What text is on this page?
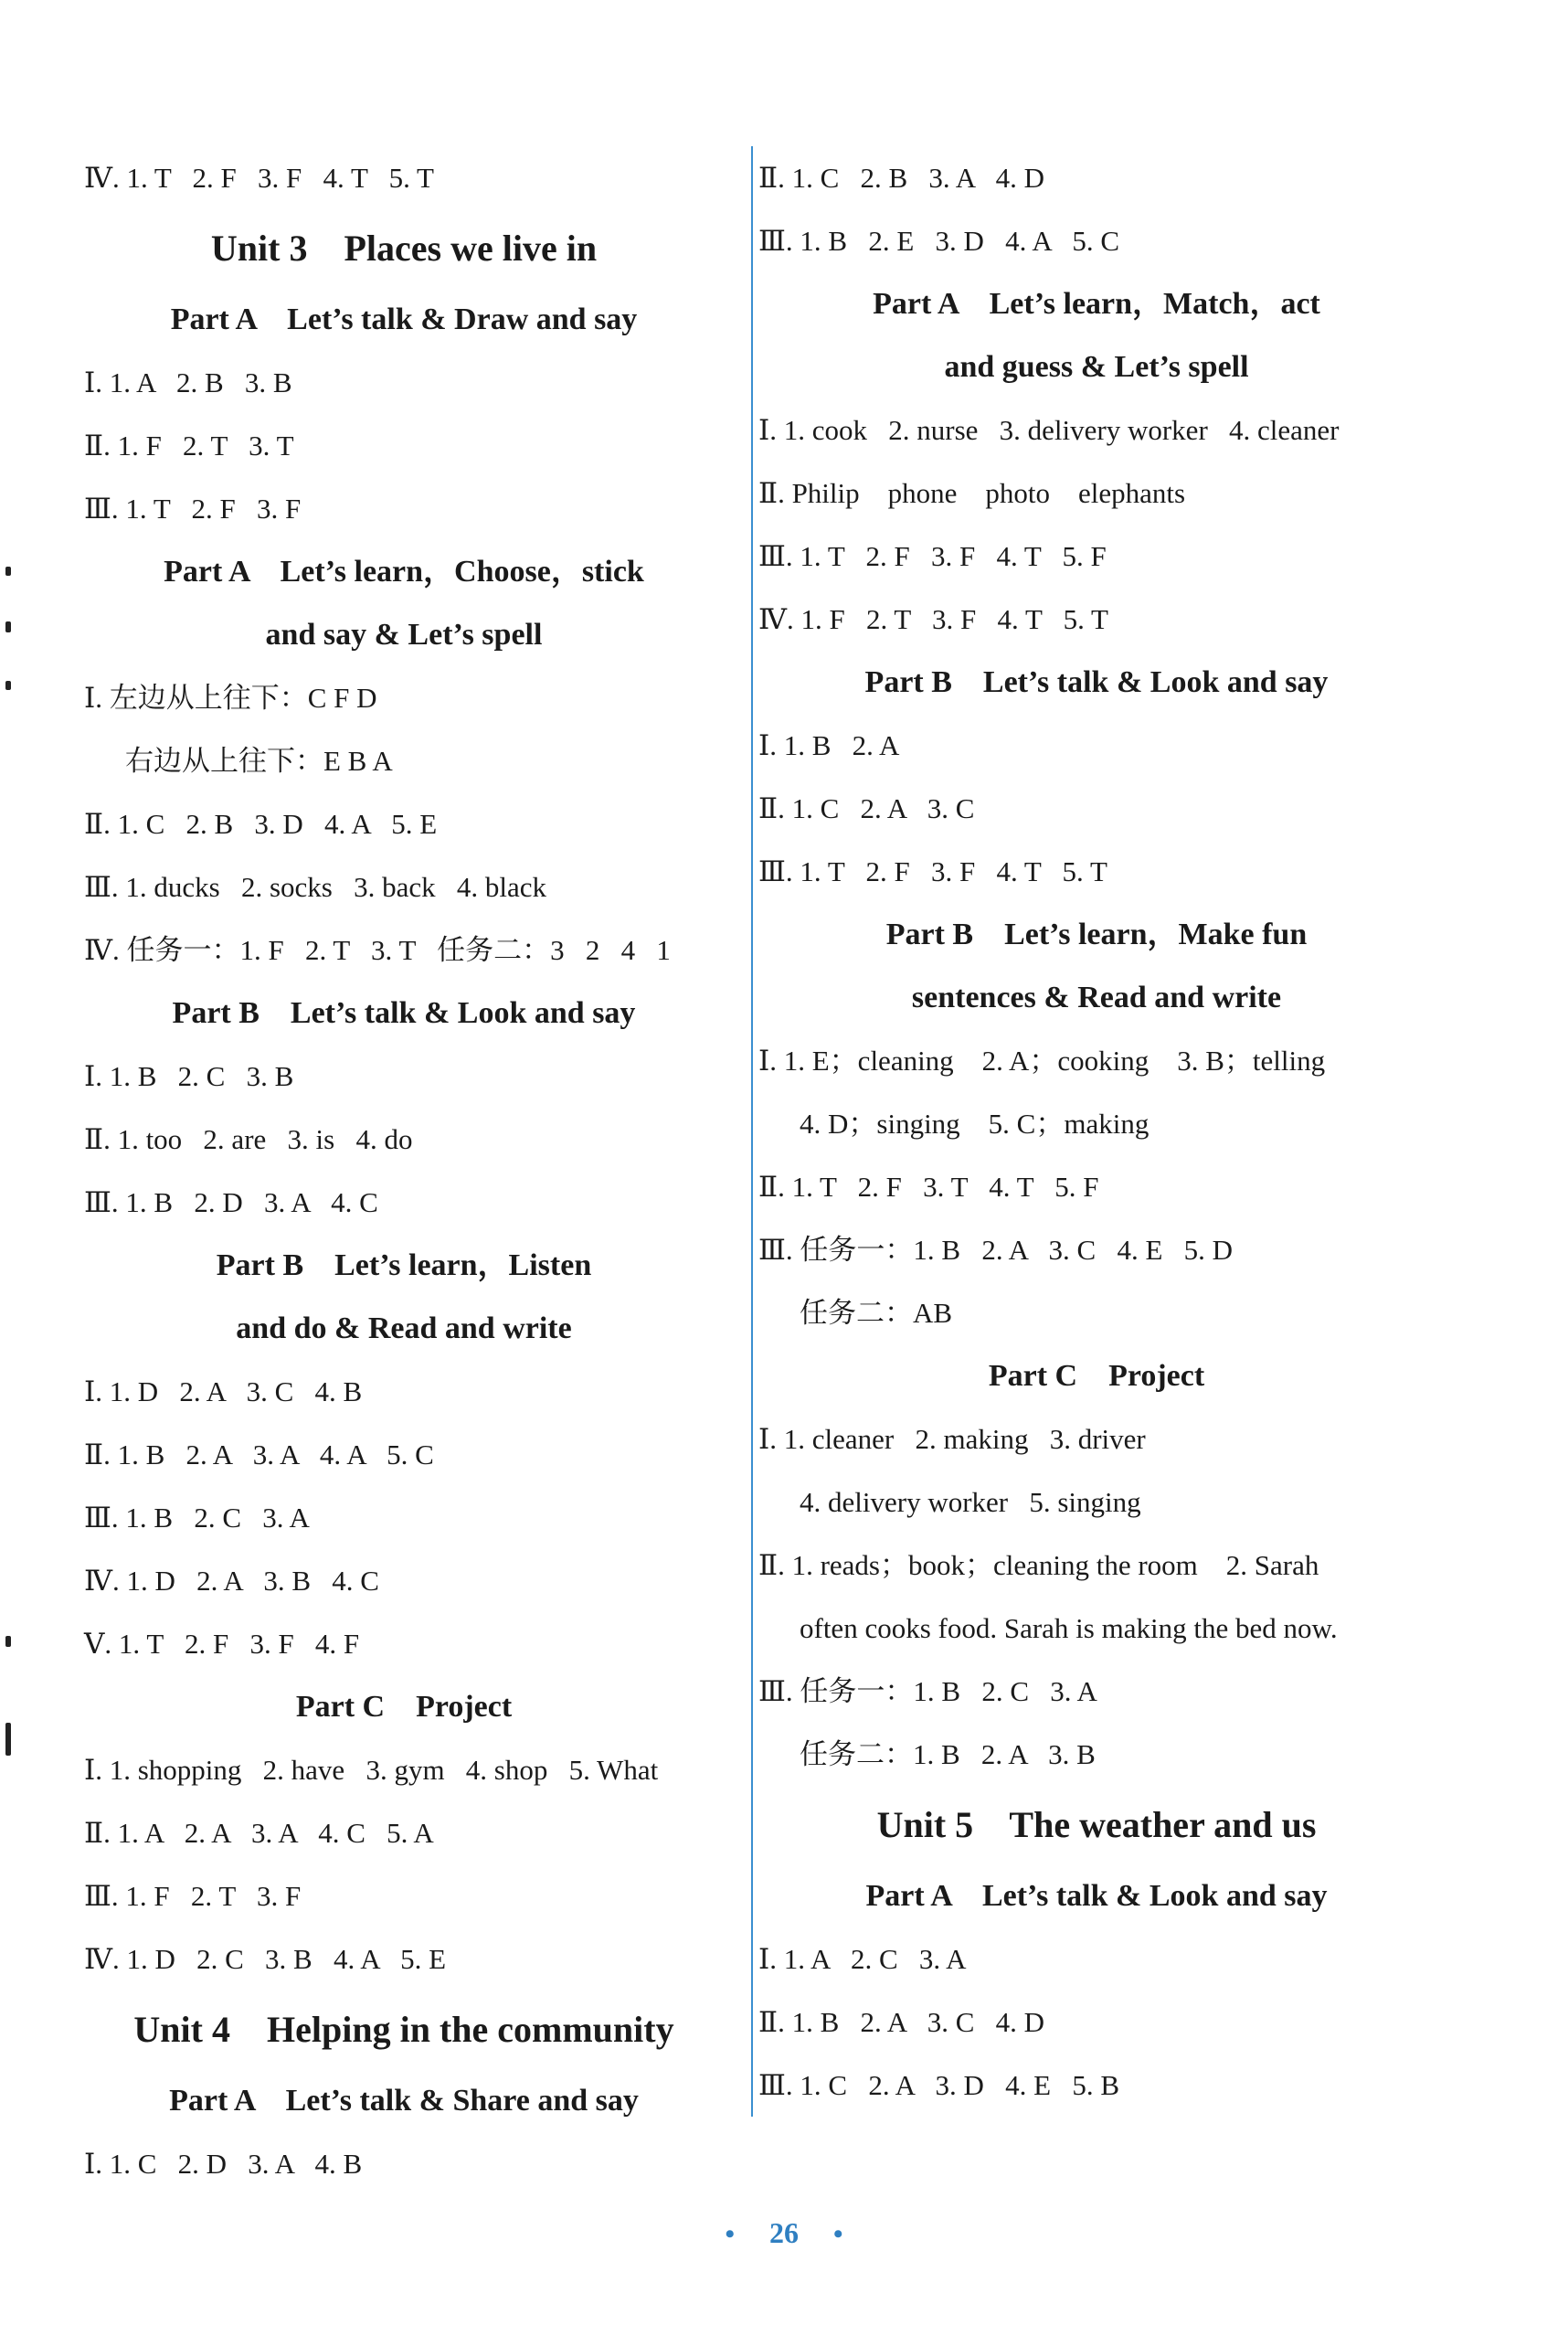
Ⅳ. 1. T   2. F   3. F   4. T   5. T
Unit 3    Places we live in
Part A    Let’s talk & Draw and say
Ⅰ. 1. A   2. B   3. B
Ⅱ. 1. F   2. T   3. T
Ⅲ. 1. T   2. F   3. F
Part A    Let’s learn，Choose，stick
and say & Let’s spell
Ⅰ. 左边从上往下：C F D
右边从上往下：E B A
Ⅱ. 1. C   2. B   3. D   4. A   5. E
Ⅲ. 1. ducks   2. socks   3. back   4. black
Ⅳ. 任务一：1. F   2. T   3. T   任务二：3   2   4   1
Part B    Let’s talk & Look and say
Ⅰ. 1. B   2. C   3. B
Ⅱ. 1. too   2. are   3. is   4. do
Ⅲ. 1. B   2. D   3. A   4. C
Part B    Let’s learn，Listen
and do & Read and write
Ⅰ. 1. D   2. A   3. C   4. B
Ⅱ. 1. B   2. A   3. A   4. A   5. C
Ⅲ. 1. B   2. C   3. A
Ⅳ. 1. D   2. A   3. B   4. C
Ⅴ. 1. T   2. F   3. F   4. F
Part C    Project
Ⅰ. 1. shopping   2. have   3. gym   4. shop   5. What
Ⅱ. 1. A   2. A   3. A   4. C   5. A
Ⅲ. 1. F   2. T   3. F
Ⅳ. 1. D   2. C   3. B   4. A   5. E
Unit 4    Helping in the community
Part A    Let’s talk & Share and say
Ⅰ. 1. C   2. D   3. A   4. B
Ⅱ. 1. C   2. B   3. A   4. D
Ⅲ. 1. B   2. E   3. D   4. A   5. C
Part A    Let’s learn，Match，act
and guess & Let’s spell
Ⅰ. 1. cook   2. nurse   3. delivery worker   4. cleaner
Ⅱ. Philip    phone    photo    elephants
Ⅲ. 1. T   2. F   3. F   4. T   5. F
Ⅳ. 1. F   2. T   3. F   4. T   5. T
Part B    Let’s talk & Look and say
Ⅰ. 1. B   2. A
Ⅱ. 1. C   2. A   3. C
Ⅲ. 1. T   2. F   3. F   4. T   5. T
Part B    Let’s learn，Make fun
sentences & Read and write
Ⅰ. 1. E；cleaning    2. A；cooking    3. B；telling
4. D；singing    5. C；making
Ⅱ. 1. T   2. F   3. T   4. T   5. F
Ⅲ. 任务一：1. B   2. A   3. C   4. E   5. D
任务二：AB
Part C    Project
Ⅰ. 1. cleaner   2. making   3. driver
4. delivery worker   5. singing
Ⅱ. 1. reads；book；cleaning the room    2. Sarah
often cooks food. Sarah is making the bed now.
Ⅲ. 任务一：1. B   2. C   3. A
任务二：1. B   2. A   3. B
Unit 5    The weather and us
Part A    Let’s talk & Look and say
Ⅰ. 1. A   2. C   3. A
Ⅱ. 1. B   2. A   3. C   4. D
Ⅲ. 1. C   2. A   3. D   4. E   5. B
• 26 •
